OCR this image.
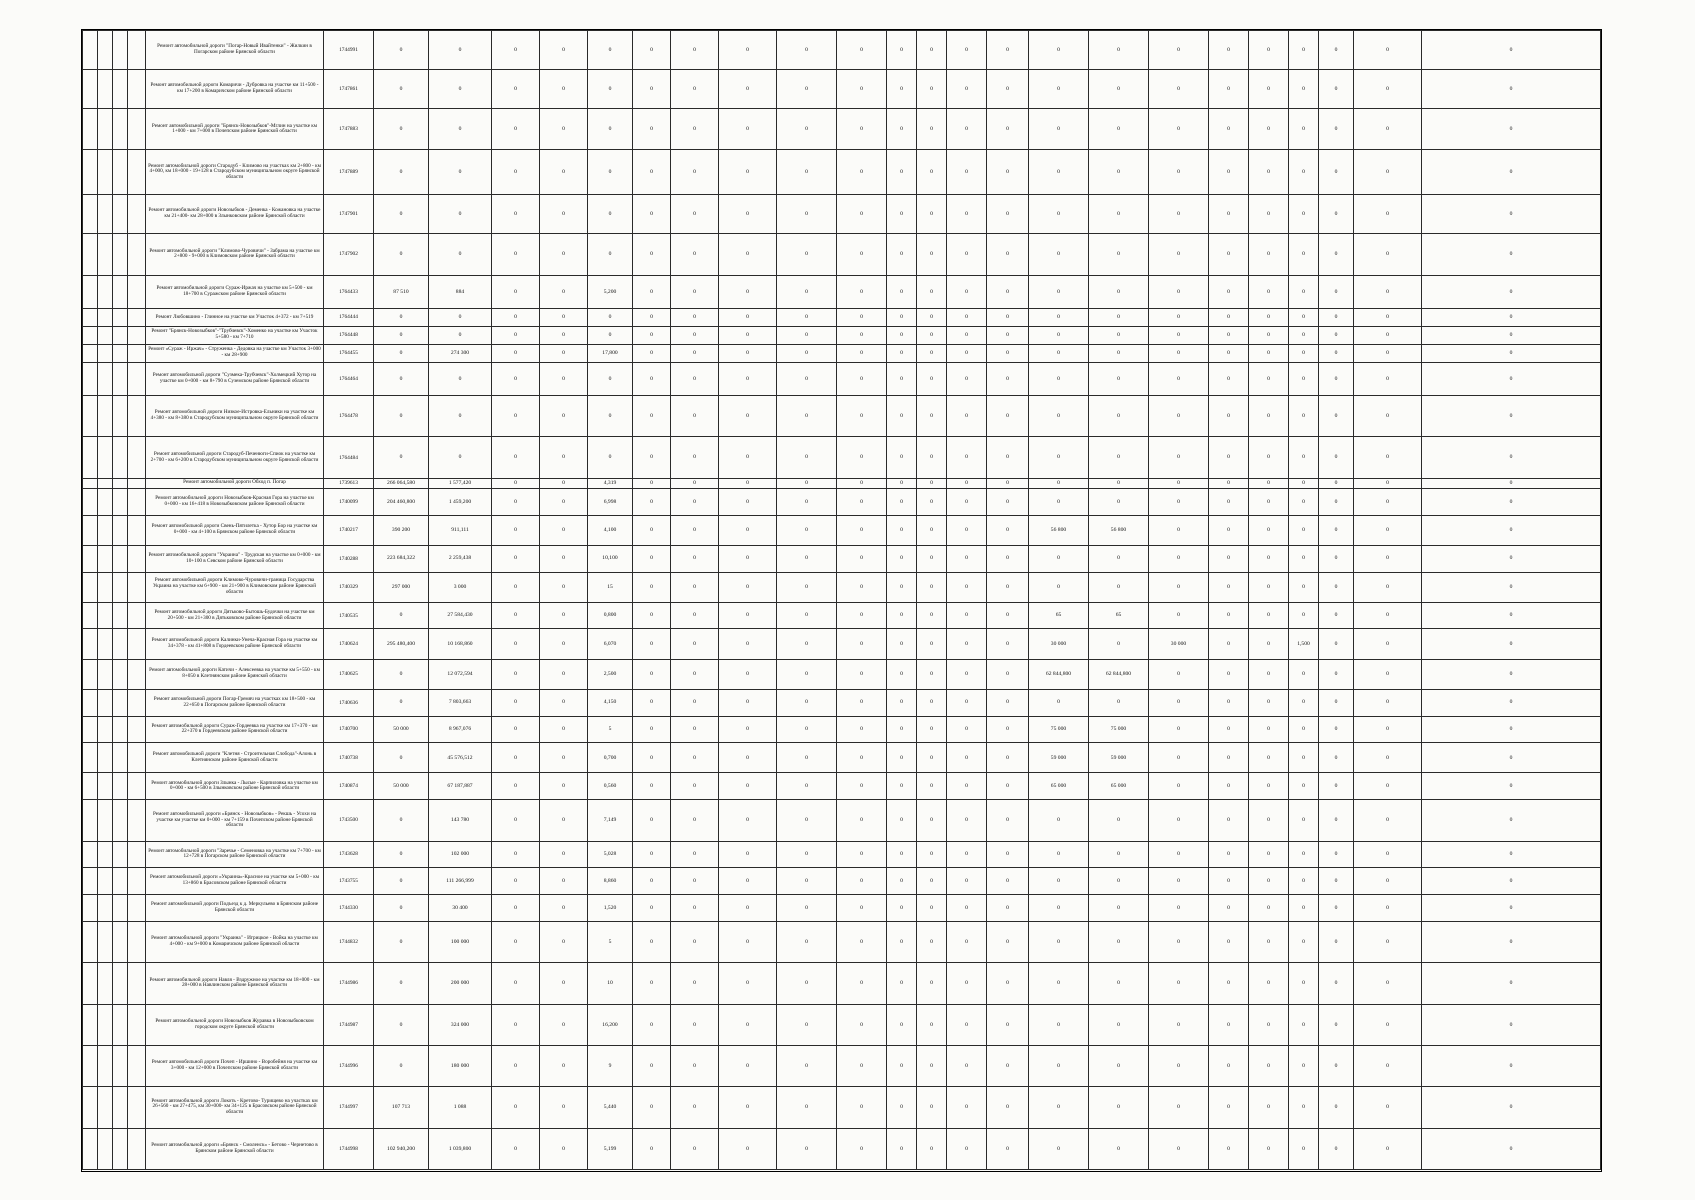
				Ремонт автомобильной дороги "Погар-Новый Ивайтенки" - Жилкин в Погарском районе Брянской области	1744991	0	0	0	0	0	0	0	0	0	0	0	0	0	0	0	0	0	0	0	0	0	0	0
				Ремонт автомобильной дороги Комаричи - Дубровка на участке км 11+500 - км 17+200 в Комаричском районе Брянской области	1747861	0	0	0	0	0	0	0	0	0	0	0	0	0	0	0	0	0	0	0	0	0	0	0
				Ремонт автомобильной дороги "Брянск-Новозыбков"-Мглин на участке км 1+000 - км 7+000 в Почепском районе Брянской области	1747883	0	0	0	0	0	0	0	0	0	0	0	0	0	0	0	0	0	0	0	0	0	0	0
				Ремонт автомобильной дороги Стародуб - Климово на участках км 2+800 - км 4+000, км 18+000 - 19+128 в Стародубском муниципальном округе Брянской области	1747889	0	0	0	0	0	0	0	0	0	0	0	0	0	0	0	0	0	0	0	0	0	0	0
				Ремонт автомобильной дороги Новозыбков - Деменка - Кожановка на участке км 21+400- км 28+000 в Злынковском районе Брянской области	1747901	0	0	0	0	0	0	0	0	0	0	0	0	0	0	0	0	0	0	0	0	0	0	0
				Ремонт автомобильной дороги "Климово-Чуровичи" - Забрама на участке км 2+800 - 9+000 в Климовском районе Брянской области	1747902	0	0	0	0	0	0	0	0	0	0	0	0	0	0	0	0	0	0	0	0	0	0	0
				Ремонт автомобильной дороги Сураж-Иржач на участке км 5+500 - км 18+700 в Суражском районе Брянской области	1764433	87 510	884	0	0	5,200	0	0	0	0	0	0	0	0	0	0	0	0	0	0	0	0	0	0
				Ремонт Любовшино - Глинное на участке км Участок 4+372 - км 7+519	1764444	0	0	0	0	0	0	0	0	0	0	0	0	0	0	0	0	0	0	0	0	0	0	0
				Ремонт "Брянск-Новозыбков"-"Трубчевск"-Хоменко на участке км Участок 5+580 - км 7+710	1764448	0	0	0	0	0	0	0	0	0	0	0	0	0	0	0	0	0	0	0	0	0	0	0
				Ремонт «Сураж - Иржач» - Струженка - Дедовка на участке км Участок 3+000 - км 28+900	1764455	0	274 300	0	0	17,800	0	0	0	0	0	0	0	0	0	0	0	0	0	0	0	0	0	0
				Ремонт автомобильной дороги "Сузмека-Трубчевск"-Холмецкий Хутор на участке км 0+000 - км 8+790 в Суземском районе Брянской области	1764464	0	0	0	0	0	0	0	0	0	0	0	0	0	0	0	0	0	0	0	0	0	0	0
				Ремонт автомобильной дороги Низкое-Истровка-Ельники на участке км 4+380 - км 8+380 в Стародубском муниципальном округе Брянской области	1764478	0	0	0	0	0	0	0	0	0	0	0	0	0	0	0	0	0	0	0	0	0	0	0
				Ремонт автомобильной дороги Стародуб-Печенюги-Спиок на участке км 2+700 - км 6+200 в Стародубском муниципальном округе Брянской области	1764484	0	0	0	0	0	0	0	0	0	0	0	0	0	0	0	0	0	0	0	0	0	0	0
				Ремонт автомобильной дороги Обход п. Погар	1739613	266 064,580	1 577,420	0	0	4,319	0	0	0	0	0	0	0	0	0	0	0	0	0	0	0	0	0	0
				Ремонт автомобильной дороги Новозыбков-Красная Гора на участке км 0+000 - км 16+418 в Новозыбковском районе Брянской области	1740099	204 460,800	1 459,200	0	0	6,998	0	0	0	0	0	0	0	0	0	0	0	0	0	0	0	0	0	0
				Ремонт автомобильной дороги Свень-Пятилетка - Хутор Бор на участке км 0+000 - км 4+100 в Брянском районе Брянской области	1740217	390 200	911,111	0	0	4,100	0	0	0	0	0	0	0	0	0	56 800	56 800	0	0	0	0	0	0	0
				Ремонт автомобильной дороги "Украина" - Трудская на участке км 0+000 - км 10+100 в Севском районе Брянской области	1740288	223 684,322	2 259,438	0	0	10,100	0	0	0	0	0	0	0	0	0	0	0	0	0	0	0	0	0	0
				Ремонт автомобильной дороги Климово-Чуровичи-граница Государства Украина на участке км 6+900 - км 21+900 в Климовском районе Брянской области	1740329	297 000	3 000	0	0	15	0	0	0	0	0	0	0	0	0	0	0	0	0	0	0	0	0	0
				Ремонт автомобильной дороги Дятьково-Бытошь-Будочки на участке км 20+500 - км 21+300 в Дятьковском районе Брянской области	1740535	0	27 584,430	0	0	0,800	0	0	0	0	0	0	0	0	0	65	65	0	0	0	0	0	0	0
				Ремонт автомобильной дороги Калинки-Унеча-Красная Гора на участке км 34+378 - км 41+808 в Гордеевском районе Брянской области	1740624	295 480,400	10 168,860	0	0	6,070	0	0	0	0	0	0	0	0	0	30 000	0	30 000	0	0	1,500	0	0	0
				Ремонт автомобильной дороги Катичи - Алексеевка на участке км 5+550 - км 8+050 в Клетнянском районе Брянской области	1740625	0	12 072,594	0	0	2,500	0	0	0	0	0	0	0	0	0	62 844,800	62 844,800	0	0	0	0	0	0	0
				Ремонт автомобильной дороги Погар-Гремяч на участках км 18+500 - км 22+650 в Погарском районе Брянской области	1740636	0	7 803,663	0	0	4,150	0	0	0	0	0	0	0	0	0	0	0	0	0	0	0	0	0	0
				Ремонт автомобильной дороги Сураж-Гордеевка на участке км 17+370 - км 22+370 в Гордеевском районе Брянской области	1740700	50 000	8 967,076	0	0	5	0	0	0	0	0	0	0	0	0	75 000	75 000	0	0	0	0	0	0	0
				Ремонт автомобильной дороги "Клетня - Строительная Слобода"-Алонь в Клетнянском районе Брянской области	1740738	0	45 576,512	0	0	0,700	0	0	0	0	0	0	0	0	0	59 000	59 000	0	0	0	0	0	0	0
				Ремонт автомобильной дороги Злынка - Лысые - Карпиловка на участке км 0+000 - км 6+500 в Злынковском районе Брянской области	1740874	50 000	67 187,887	0	0	0,560	0	0	0	0	0	0	0	0	0	65 000	65 000	0	0	0	0	0	0	0
				Ремонт автомобильной дороги «Брянск - Новозыбков» - Рекшь - Усохи на участке км участке км 0+000 - км 7+159 в Почепском районе Брянской области	1743500	0	143 780	0	0	7,149	0	0	0	0	0	0	0	0	0	0	0	0	0	0	0	0	0	0
				Ремонт автомобильной дороги "Заречье - Семеновка на участке км 7+700 - км 12+728 в Погарском районе Брянской области	1743628	0	102 000	0	0	5,028	0	0	0	0	0	0	0	0	0	0	0	0	0	0	0	0	0	0
				Ремонт автомобильной дороги «Украина»-Красное на участке км 5+000 - км 13+860 в Брасовском районе Брянской области	1743755	0	111 266,999	0	0	8,860	0	0	0	0	0	0	0	0	0	0	0	0	0	0	0	0	0	0
				Ремонт автомобильной дороги Подъезд к д. Меркульево в Брянском районе Брянской области	1744330	0	30 400	0	0	1,520	0	0	0	0	0	0	0	0	0	0	0	0	0	0	0	0	0	0
				Ремонт автомобильной дороги "Украина" - Игрицкое - Войка на участке км 4+000 - км 9+000 в Комаричском районе Брянской области	1744832	0	100 000	0	0	5	0	0	0	0	0	0	0	0	0	0	0	0	0	0	0	0	0	0
				Ремонт автомобильной дороги Навля - Вздружное на участке км 18+000 - км 28+000 в Навлинском районе Брянской области	1744986	0	200 000	0	0	10	0	0	0	0	0	0	0	0	0	0	0	0	0	0	0	0	0	0
				Ремонт автомобильной дороги Новозыбков Журавка в Новозыбковском городском округе Брянской области	1744987	0	324 000	0	0	16,200	0	0	0	0	0	0	0	0	0	0	0	0	0	0	0	0	0	0
				Ремонт автомобильной дороги Почеп - Иршино - Воробейня на участке км 3+000 - км 12+000 в Почепском районе Брянской области	1744996	0	180 000	0	0	9	0	0	0	0	0	0	0	0	0	0	0	0	0	0	0	0	0	0
				Ремонт автомобильной дороги Локоть - Кретово- Турищево на участках км 26+560 - км 27+475, км 30+000- км 34+125 в Брасовском районе Брянской области	1744997	107 713	1 088	0	0	5,440	0	0	0	0	0	0	0	0	0	0	0	0	0	0	0	0	0	0
				Ремонт автомобильной дороги «Брянск - Смоленск» - Бетово - Чернетово в Брянском районе Брянской области	1744998	102 940,200	1 039,800	0	0	5,199	0	0	0	0	0	0	0	0	0	0	0	0	0	0	0	0	0	0
